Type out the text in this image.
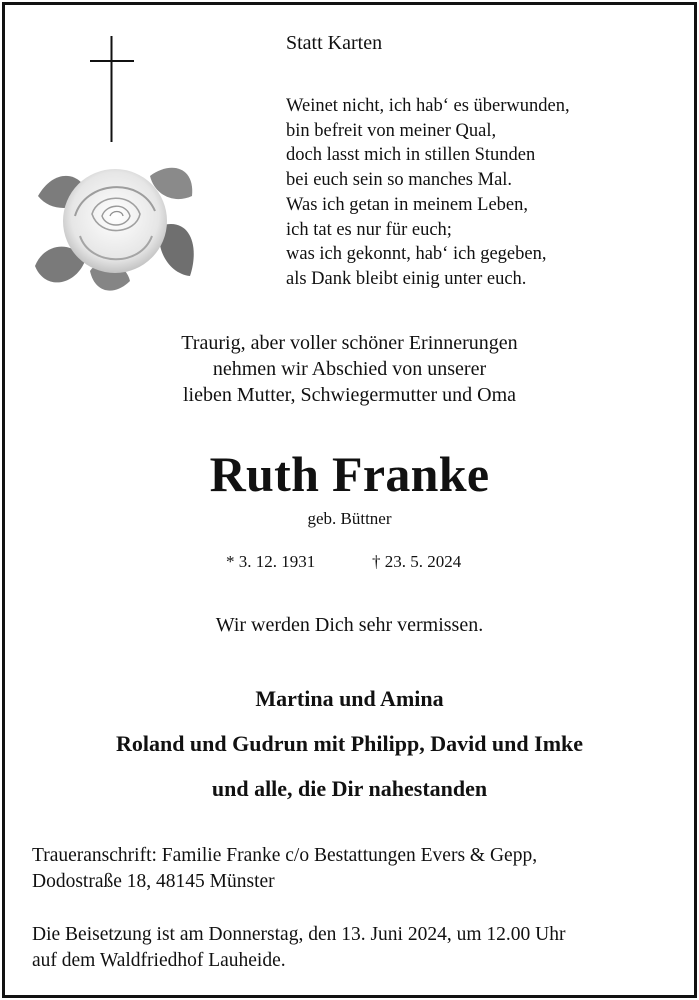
Statt Karten
Weinet nicht, ich hab‘ es überwunden,
bin befreit von meiner Qual,
doch lasst mich in stillen Stunden
bei euch sein so manches Mal.
Was ich getan in meinem Leben,
ich tat es nur für euch;
was ich gekonnt, hab‘ ich gegeben,
als Dank bleibt einig unter euch.
Traurig, aber voller schöner Erinnerungen
nehmen wir Abschied von unserer
lieben Mutter, Schwiegermutter und Oma
Ruth Franke
geb. Büttner
* 3. 12. 1931	† 23. 5. 2024
Wir werden Dich sehr vermissen.
Martina und Amina
Roland und Gudrun mit Philipp, David und Imke
und alle, die Dir nahestanden
Traueranschrift: Familie Franke c/o Bestattungen Evers & Gepp,
Dodostraße 18, 48145 Münster
Die Beisetzung ist am Donnerstag, den 13. Juni 2024, um 12.00 Uhr
auf dem Waldfriedhof Lauheide.
